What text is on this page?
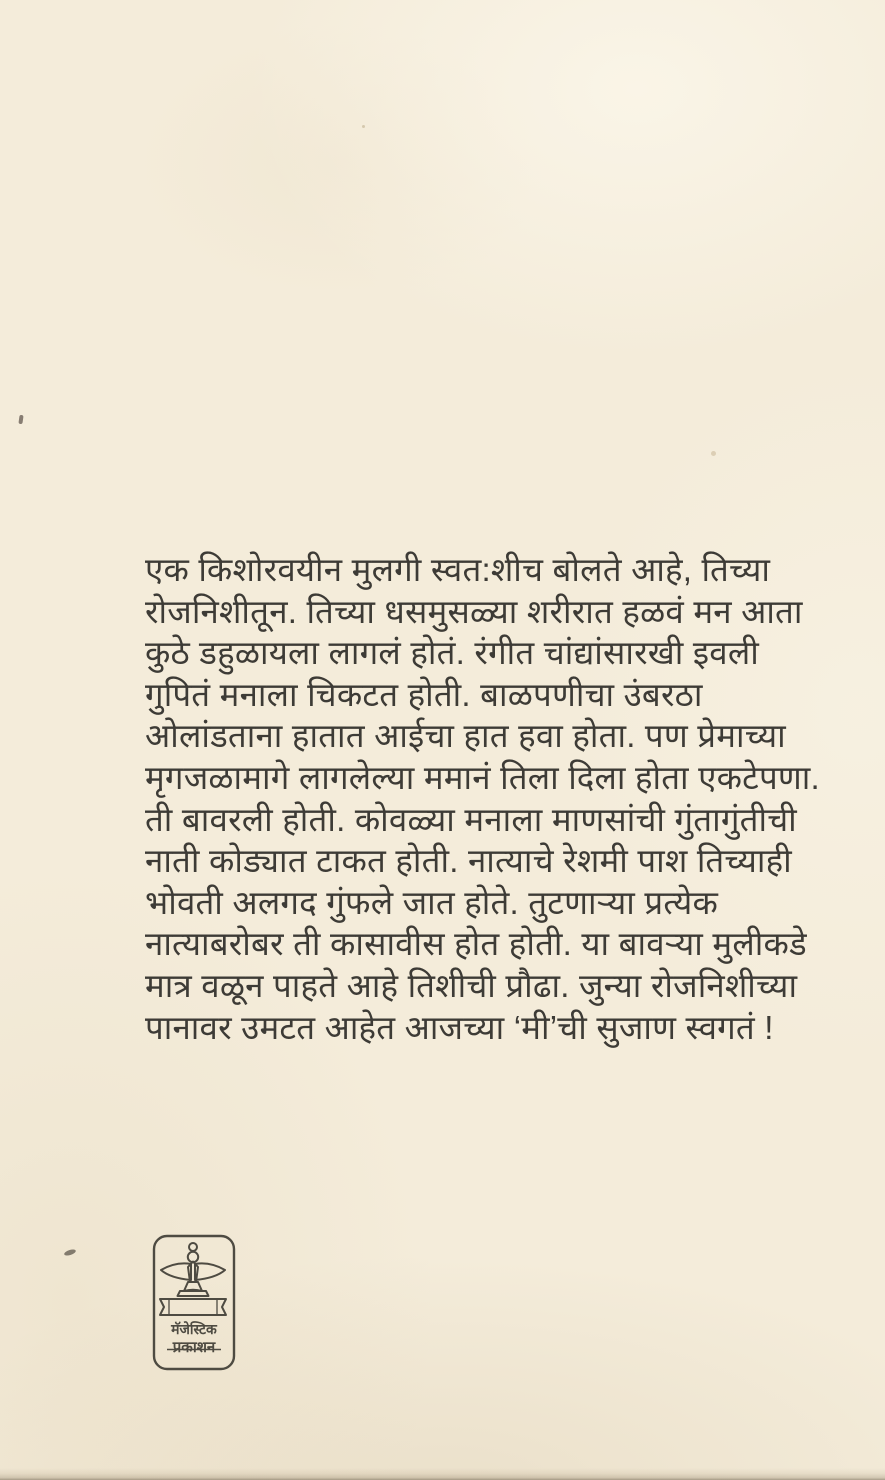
एक किशोरवयीन मुलगी स्वत:शीच बोलते आहे, तिच्या
रोजनिशीतून. तिच्या धसमुसळ्या शरीरात हळवं मन आता
कुठे डहुळायला लागलं होतं. रंगीत चांद्यांसारखी इवली
गुपितं मनाला चिकटत होती. बाळपणीचा उंबरठा
ओलांडताना हातात आईचा हात हवा होता. पण प्रेमाच्या
मृगजळामागे लागलेल्या ममानं तिला दिला होता एकटेपणा.
ती बावरली होती. कोवळ्या मनाला माणसांची गुंतागुंतीची
नाती कोड्यात टाकत होती. नात्याचे रेशमी पाश तिच्याही
भोवती अलगद गुंफले जात होते. तुटणाऱ्या प्रत्येक
नात्याबरोबर ती कासावीस होत होती. या बावऱ्या मुलीकडे
मात्र वळून पाहते आहे तिशीची प्रौढा. जुन्या रोजनिशीच्या
पानावर उमटत आहेत आजच्या ‘मी’ची सुजाण स्वगतं !
मॅजेस्टिक
प्रकाशन
